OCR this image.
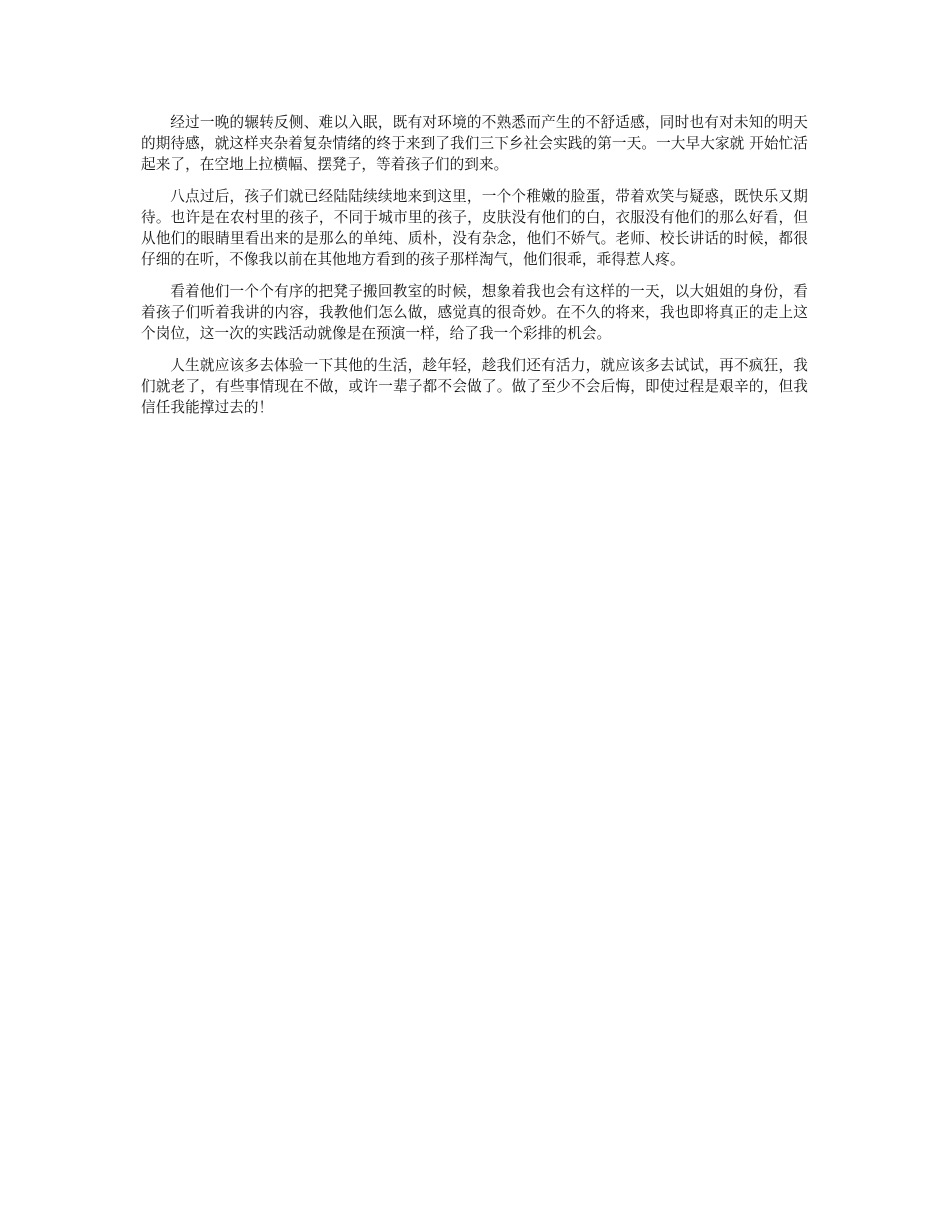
经过一晚的辗转反侧、难以入眠，既有对环境的不熟悉而产生的不舒适感，同时也有对未知的明天的期待感，就这样夹杂着复杂情绪的终于来到了我们三下乡社会实践的第一天。一大早大家就 开始忙活起来了，在空地上拉横幅、摆凳子，等着孩子们的到来。

八点过后，孩子们就已经陆陆续续地来到这里，一个个稚嫩的脸蛋，带着欢笑与疑惑，既快乐又期待。也许是在农村里的孩子，不同于城市里的孩子，皮肤没有他们的白，衣服没有他们的那么好看，但从他们的眼睛里看出来的是那么的单纯、质朴，没有杂念，他们不娇气。老师、校长讲话的时候，都很仔细的在听，不像我以前在其他地方看到的孩子那样淘气，他们很乖，乖得惹人疼。

看着他们一个个有序的把凳子搬回教室的时候，想象着我也会有这样的一天，以大姐姐的身份，看着孩子们听着我讲的内容，我教他们怎么做，感觉真的很奇妙。在不久的将来，我也即将真正的走上这个岗位，这一次的实践活动就像是在预演一样，给了我一个彩排的机会。

人生就应该多去体验一下其他的生活，趁年轻，趁我们还有活力，就应该多去试试，再不疯狂，我们就老了，有些事情现在不做，或许一辈子都不会做了。做了至少不会后悔，即使过程是艰辛的，但我信任我能撑过去的！
